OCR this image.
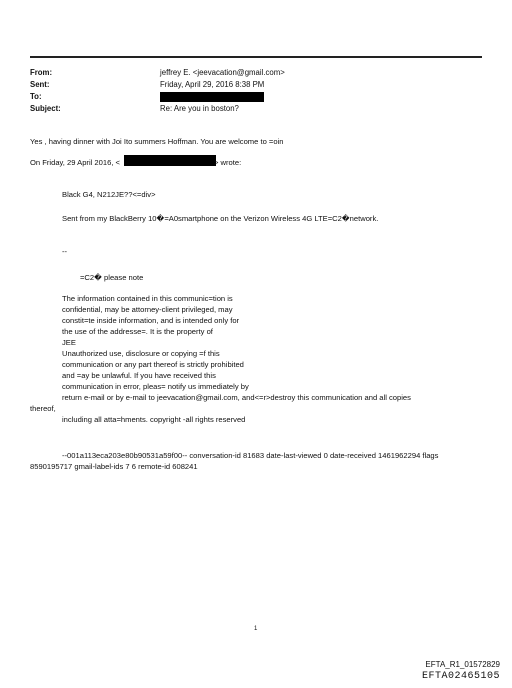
From:	jeffrey E. <jeevacation@gmail.com>
Sent:	Friday, April 29, 2016 8:38 PM
To:
Subject:	Re: Are you in boston?
Yes , having dinner with Joi Ito summers Hoffman. You are welcome to =oin
On Friday, 29 April 2016, <	> wrote:
Black G4, N212JE??<=div>
Sent from my BlackBerry 10�=A0smartphone on the Verizon Wireless 4G LTE=C2�network.
--
=C2� please note
The information contained in this communic=tion is
confidential, may be attorney-client privileged, may
constit=te inside information, and is intended only for
the use of the addresse=. It is the property of
JEE
Unauthorized use, disclosure or copying =f this
communication or any part thereof is strictly prohibited
and =ay be unlawful. If you have received this
communication in error, pleas= notify us immediately by
return e-mail or by e-mail to jeevacation@gmail.com, and<=r>destroy this communication and all copies
thereof,
including all atta=hments. copyright -all rights reserved
--001a113eca203e80b90531a59f00-- conversation-id 81683 date-last-viewed 0 date-received 1461962294 flags
8590195717 gmail-label-ids 7 6 remote-id 608241
1
EFTA_R1_01572829
EFTA02465105
